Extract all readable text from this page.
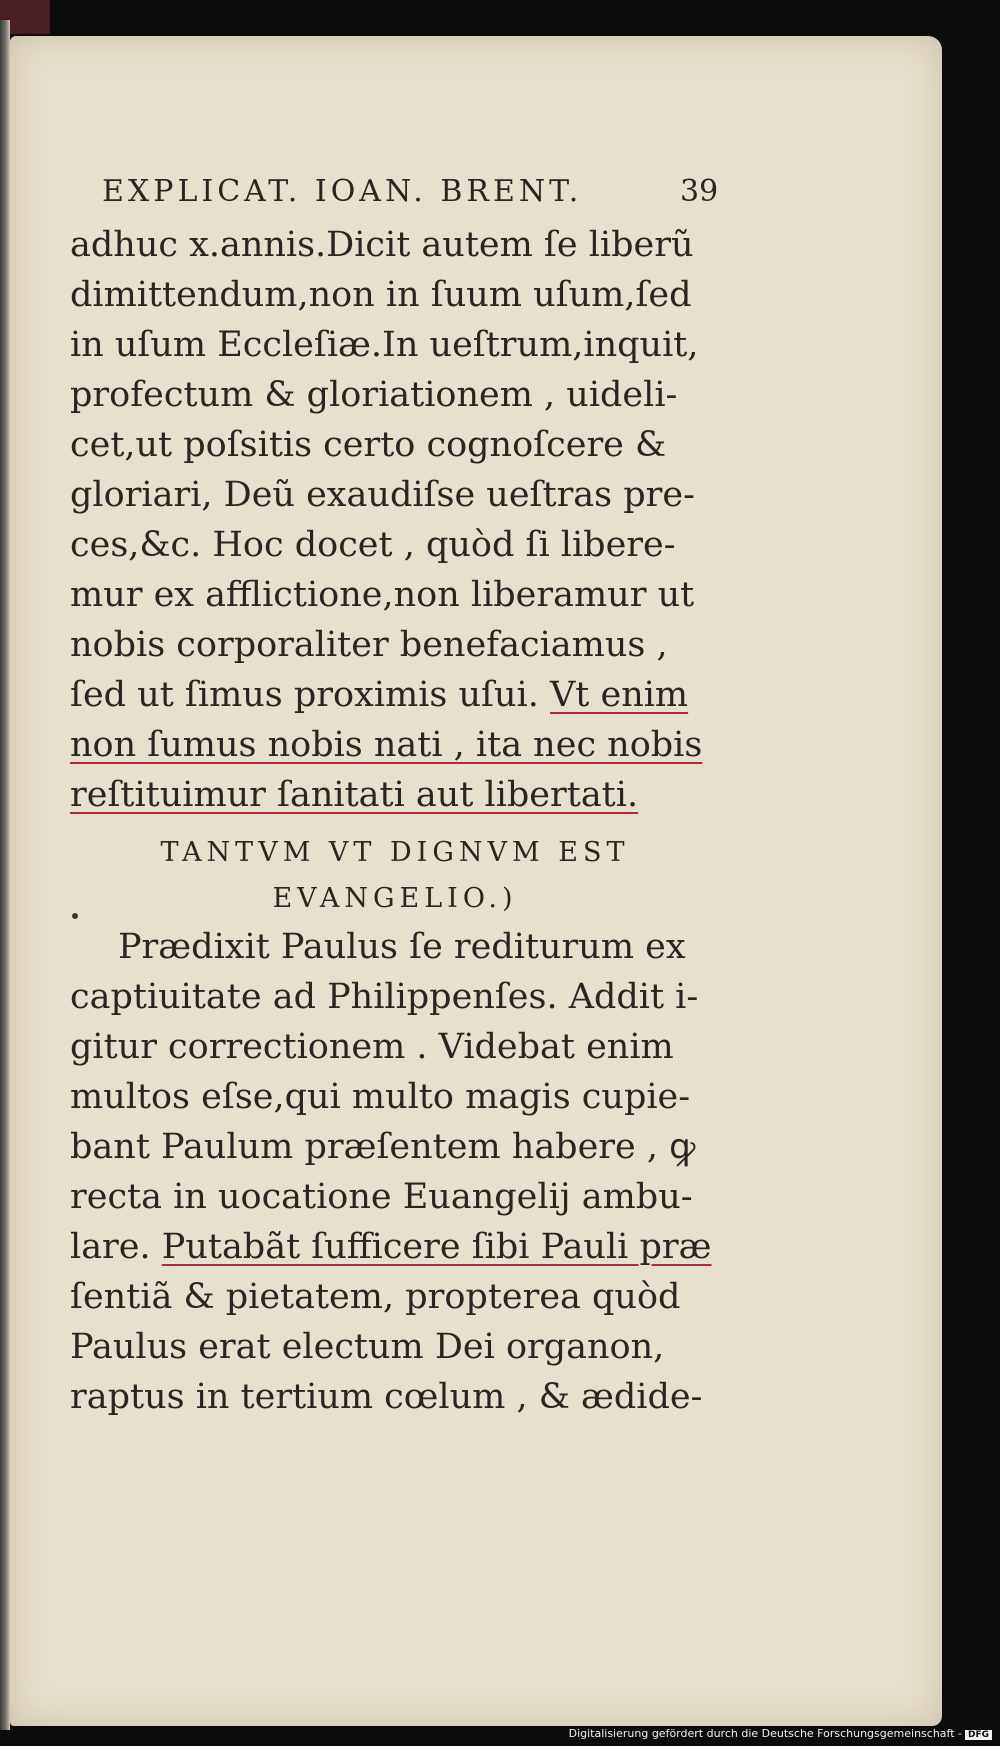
EXPLICAT. IOAN. BRENT.	39
adhuc x.annis.Dicit autem ſe liberũ
dimittendum,non in ſuum uſum,ſed
in uſum Eccleſiæ.In ueſtrum,inquit,
profectum & gloriationem , uideli-
cet,ut poſsitis certo cognoſcere &
gloriari, Deũ exaudiſse ueſtras pre-
ces,&c. Hoc docet , quòd ſi libere-
mur ex afflictione,non liberamur ut
nobis corporaliter benefaciamus ,
ſed ut ſimus proximis uſui. Vt enim
non ſumus nobis nati , ita nec nobis
reſtituimur ſanitati aut libertati.
TANTVM VT DIGNVM EST
EVANGELIO.)
Prædixit Paulus ſe rediturum ex
captiuitate ad Philippenſes. Addit i-
gitur correctionem . Videbat enim
multos eſse,qui multo magis cupie-
bant Paulum præſentem habere , ꝙ
recta in uocatione Euangelij ambu-
lare. Putabãt ſufficere ſibi Pauli præ
ſentiã & pietatem, propterea quòd
Paulus erat electum Dei organon,
raptus in tertium cœlum , & ædide-
Digitalisierung gefördert durch die Deutsche Forschungsgemeinschaft - DFG
